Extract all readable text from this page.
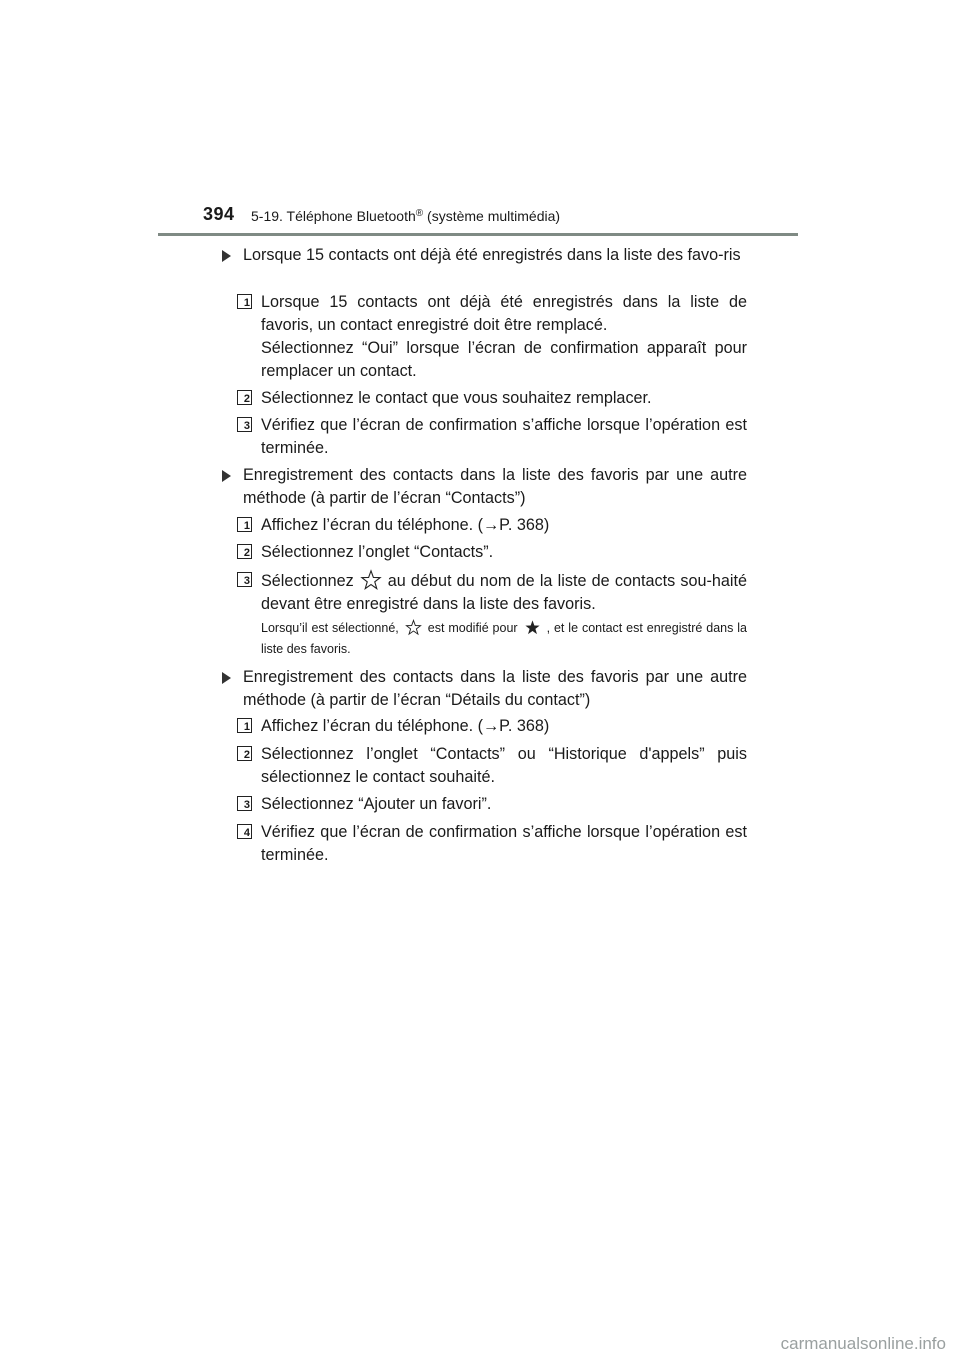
394 5-19. Téléphone Bluetooth® (système multimédia)
Lorsque 15 contacts ont déjà été enregistrés dans la liste des favo-ris
1 Lorsque 15 contacts ont déjà été enregistrés dans la liste de favoris, un contact enregistré doit être remplacé.
Sélectionnez “Oui” lorsque l’écran de confirmation apparaît pour remplacer un contact.
2 Sélectionnez le contact que vous souhaitez remplacer.
3 Vérifiez que l’écran de confirmation s’affiche lorsque l’opération est terminée.
Enregistrement des contacts dans la liste des favoris par une autre méthode (à partir de l’écran “Contacts”)
1 Affichez l’écran du téléphone. (→P. 368)
2 Sélectionnez l’onglet “Contacts”.
3 Sélectionnez au début du nom de la liste de contacts sou-haité devant être enregistré dans la liste des favoris.
Lorsqu’il est sélectionné, est modifié pour , et le contact est enregistré dans la liste des favoris.
Enregistrement des contacts dans la liste des favoris par une autre méthode (à partir de l’écran “Détails du contact”)
1 Affichez l’écran du téléphone. (→P. 368)
2 Sélectionnez l’onglet “Contacts” ou “Historique d'appels” puis sélectionnez le contact souhaité.
3 Sélectionnez “Ajouter un favori”.
4 Vérifiez que l’écran de confirmation s’affiche lorsque l’opération est terminée.
carmanualsonline.info
